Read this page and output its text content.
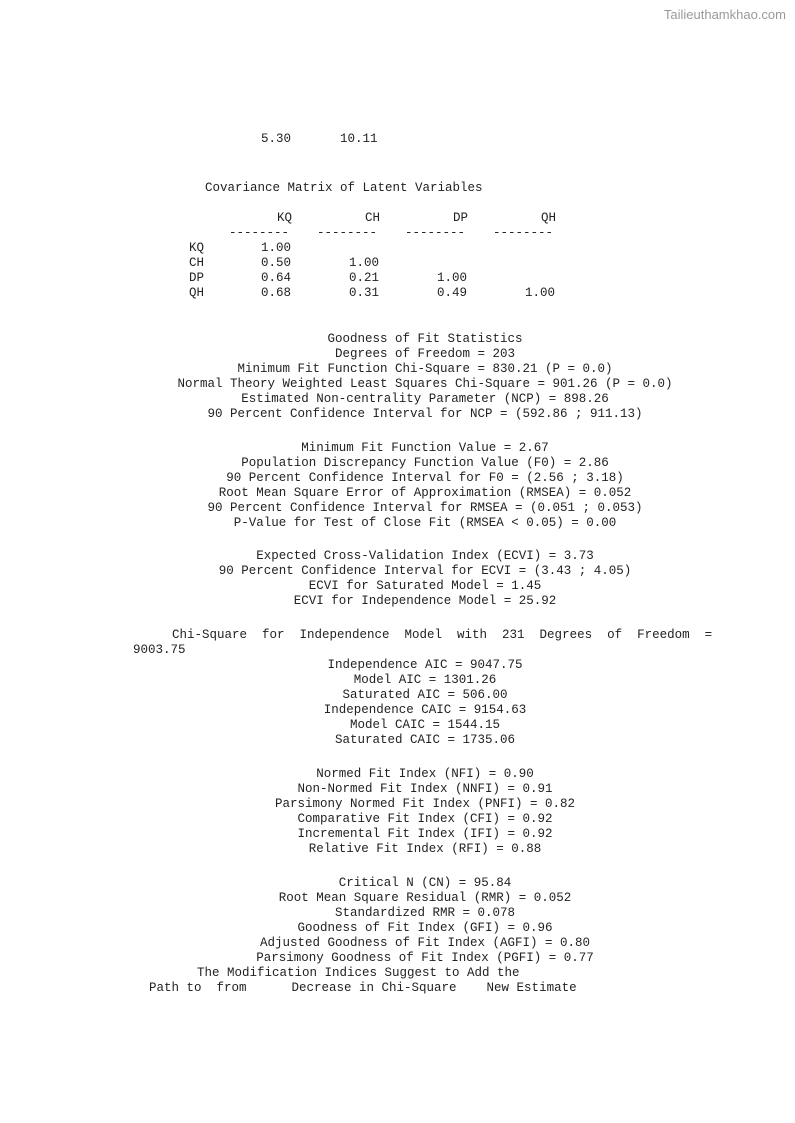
Tailieuthamkhao.com
5.30	10.11
Covariance Matrix of Latent Variables
KQ	CH	DP	QH
-------- -------- -------- --------
KQ	1.00
CH	0.50	1.00
DP	0.64	0.21	1.00
QH	0.68	0.31	0.49	1.00
Goodness of Fit Statistics
Degrees of Freedom = 203
Minimum Fit Function Chi-Square = 830.21 (P = 0.0)
Normal Theory Weighted Least Squares Chi-Square = 901.26 (P = 0.0)
Estimated Non-centrality Parameter (NCP) = 898.26
90 Percent Confidence Interval for NCP = (592.86 ; 911.13)
Minimum Fit Function Value = 2.67
Population Discrepancy Function Value (F0) = 2.86
90 Percent Confidence Interval for F0 = (2.56 ; 3.18)
Root Mean Square Error of Approximation (RMSEA) = 0.052
90 Percent Confidence Interval for RMSEA = (0.051 ; 0.053)
P-Value for Test of Close Fit (RMSEA < 0.05) = 0.00
Expected Cross-Validation Index (ECVI) = 3.73
90 Percent Confidence Interval for ECVI = (3.43 ; 4.05)
ECVI for Saturated Model = 1.45
ECVI for Independence Model = 25.92
Chi-Square  for  Independence  Model  with  231  Degrees  of  Freedom  =
9003.75
Independence AIC = 9047.75
Model AIC = 1301.26
Saturated AIC = 506.00
Independence CAIC = 9154.63
Model CAIC = 1544.15
Saturated CAIC = 1735.06
Normed Fit Index (NFI) = 0.90
Non-Normed Fit Index (NNFI) = 0.91
Parsimony Normed Fit Index (PNFI) = 0.82
Comparative Fit Index (CFI) = 0.92
Incremental Fit Index (IFI) = 0.92
Relative Fit Index (RFI) = 0.88
Critical N (CN) = 95.84
Root Mean Square Residual (RMR) = 0.052
Standardized RMR = 0.078
Goodness of Fit Index (GFI) = 0.96
Adjusted Goodness of Fit Index (AGFI) = 0.80
Parsimony Goodness of Fit Index (PGFI) = 0.77
The Modification Indices Suggest to Add the
Path to  from      Decrease in Chi-Square    New Estimate
